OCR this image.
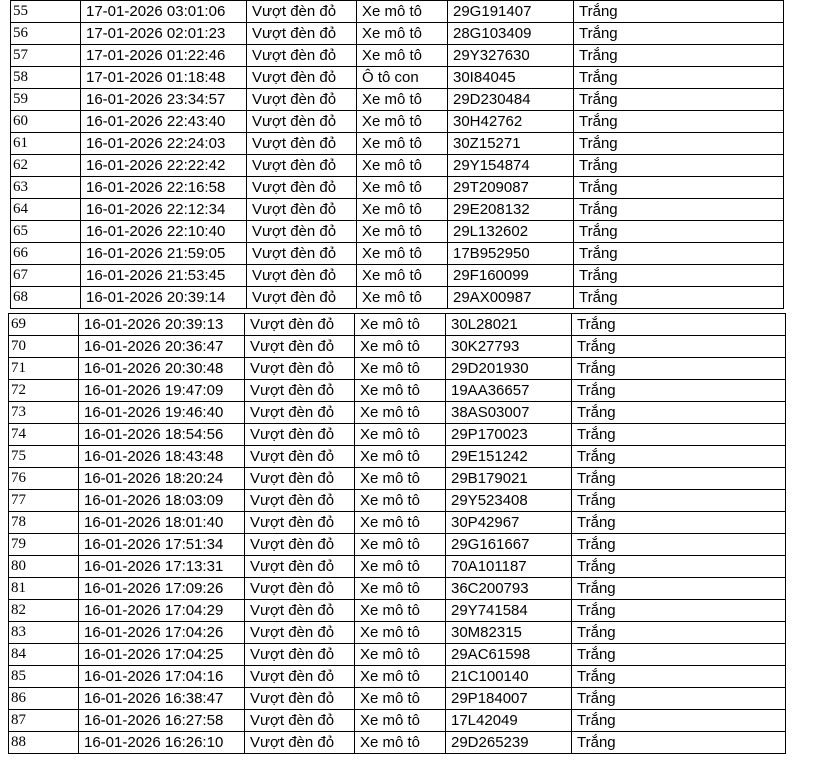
55	17-01-2026 03:01:06	Vượt đèn đỏ	Xe mô tô	29G191407	Trắng
56	17-01-2026 02:01:23	Vượt đèn đỏ	Xe mô tô	28G103409	Trắng
57	17-01-2026 01:22:46	Vượt đèn đỏ	Xe mô tô	29Y327630	Trắng
58	17-01-2026 01:18:48	Vượt đèn đỏ	Ô tô con	30I84045	Trắng
59	16-01-2026 23:34:57	Vượt đèn đỏ	Xe mô tô	29D230484	Trắng
60	16-01-2026 22:43:40	Vượt đèn đỏ	Xe mô tô	30H42762	Trắng
61	16-01-2026 22:24:03	Vượt đèn đỏ	Xe mô tô	30Z15271	Trắng
62	16-01-2026 22:22:42	Vượt đèn đỏ	Xe mô tô	29Y154874	Trắng
63	16-01-2026 22:16:58	Vượt đèn đỏ	Xe mô tô	29T209087	Trắng
64	16-01-2026 22:12:34	Vượt đèn đỏ	Xe mô tô	29E208132	Trắng
65	16-01-2026 22:10:40	Vượt đèn đỏ	Xe mô tô	29L132602	Trắng
66	16-01-2026 21:59:05	Vượt đèn đỏ	Xe mô tô	17B952950	Trắng
67	16-01-2026 21:53:45	Vượt đèn đỏ	Xe mô tô	29F160099	Trắng
68	16-01-2026 20:39:14	Vượt đèn đỏ	Xe mô tô	29AX00987	Trắng
69	16-01-2026 20:39:13	Vượt đèn đỏ	Xe mô tô	30L28021	Trắng
70	16-01-2026 20:36:47	Vượt đèn đỏ	Xe mô tô	30K27793	Trắng
71	16-01-2026 20:30:48	Vượt đèn đỏ	Xe mô tô	29D201930	Trắng
72	16-01-2026 19:47:09	Vượt đèn đỏ	Xe mô tô	19AA36657	Trắng
73	16-01-2026 19:46:40	Vượt đèn đỏ	Xe mô tô	38AS03007	Trắng
74	16-01-2026 18:54:56	Vượt đèn đỏ	Xe mô tô	29P170023	Trắng
75	16-01-2026 18:43:48	Vượt đèn đỏ	Xe mô tô	29E151242	Trắng
76	16-01-2026 18:20:24	Vượt đèn đỏ	Xe mô tô	29B179021	Trắng
77	16-01-2026 18:03:09	Vượt đèn đỏ	Xe mô tô	29Y523408	Trắng
78	16-01-2026 18:01:40	Vượt đèn đỏ	Xe mô tô	30P42967	Trắng
79	16-01-2026 17:51:34	Vượt đèn đỏ	Xe mô tô	29G161667	Trắng
80	16-01-2026 17:13:31	Vượt đèn đỏ	Xe mô tô	70A101187	Trắng
81	16-01-2026 17:09:26	Vượt đèn đỏ	Xe mô tô	36C200793	Trắng
82	16-01-2026 17:04:29	Vượt đèn đỏ	Xe mô tô	29Y741584	Trắng
83	16-01-2026 17:04:26	Vượt đèn đỏ	Xe mô tô	30M82315	Trắng
84	16-01-2026 17:04:25	Vượt đèn đỏ	Xe mô tô	29AC61598	Trắng
85	16-01-2026 17:04:16	Vượt đèn đỏ	Xe mô tô	21C100140	Trắng
86	16-01-2026 16:38:47	Vượt đèn đỏ	Xe mô tô	29P184007	Trắng
87	16-01-2026 16:27:58	Vượt đèn đỏ	Xe mô tô	17L42049	Trắng
88	16-01-2026 16:26:10	Vượt đèn đỏ	Xe mô tô	29D265239	Trắng
